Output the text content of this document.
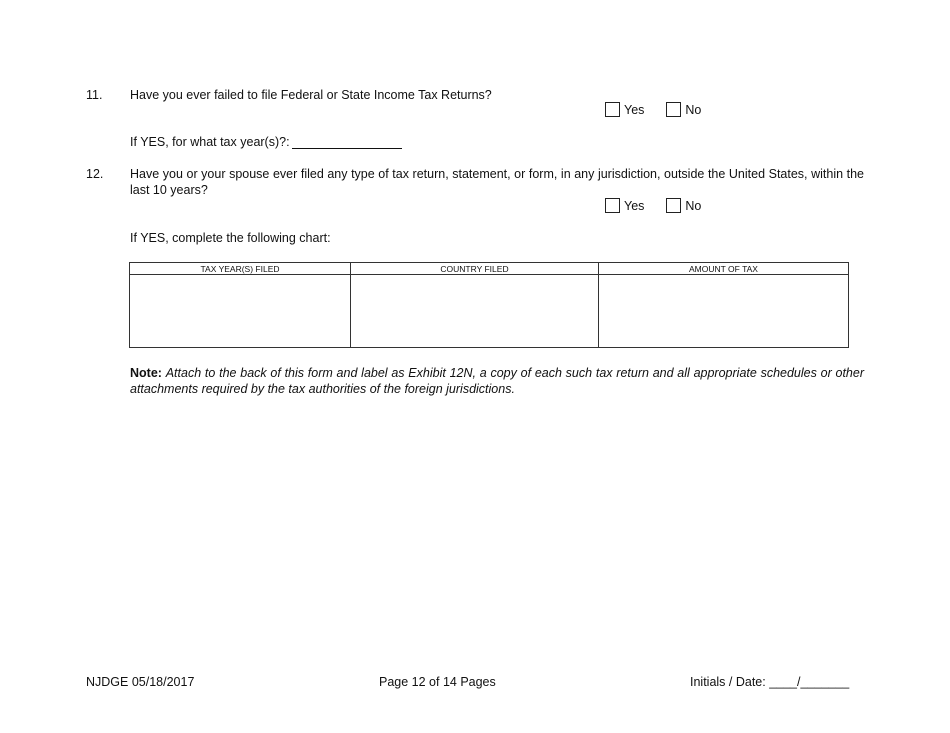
11. Have you ever failed to file Federal or State Income Tax Returns?
Yes	No
If YES, for what tax year(s)?:
12. Have you or your spouse ever filed any type of tax return, statement, or form, in any jurisdiction, outside the United States, within the last 10 years?
Yes	No
If YES, complete the following chart:
TAX YEAR(S) FILED	COUNTRY FILED	AMOUNT OF TAX

Note: Attach to the back of this form and label as Exhibit 12N, a copy of each such tax return and all appropriate schedules or other attachments required by the tax authorities of the foreign jurisdictions.
NJDGE 05/18/2017	Page 12 of 14 Pages	Initials / Date: ____/_______
